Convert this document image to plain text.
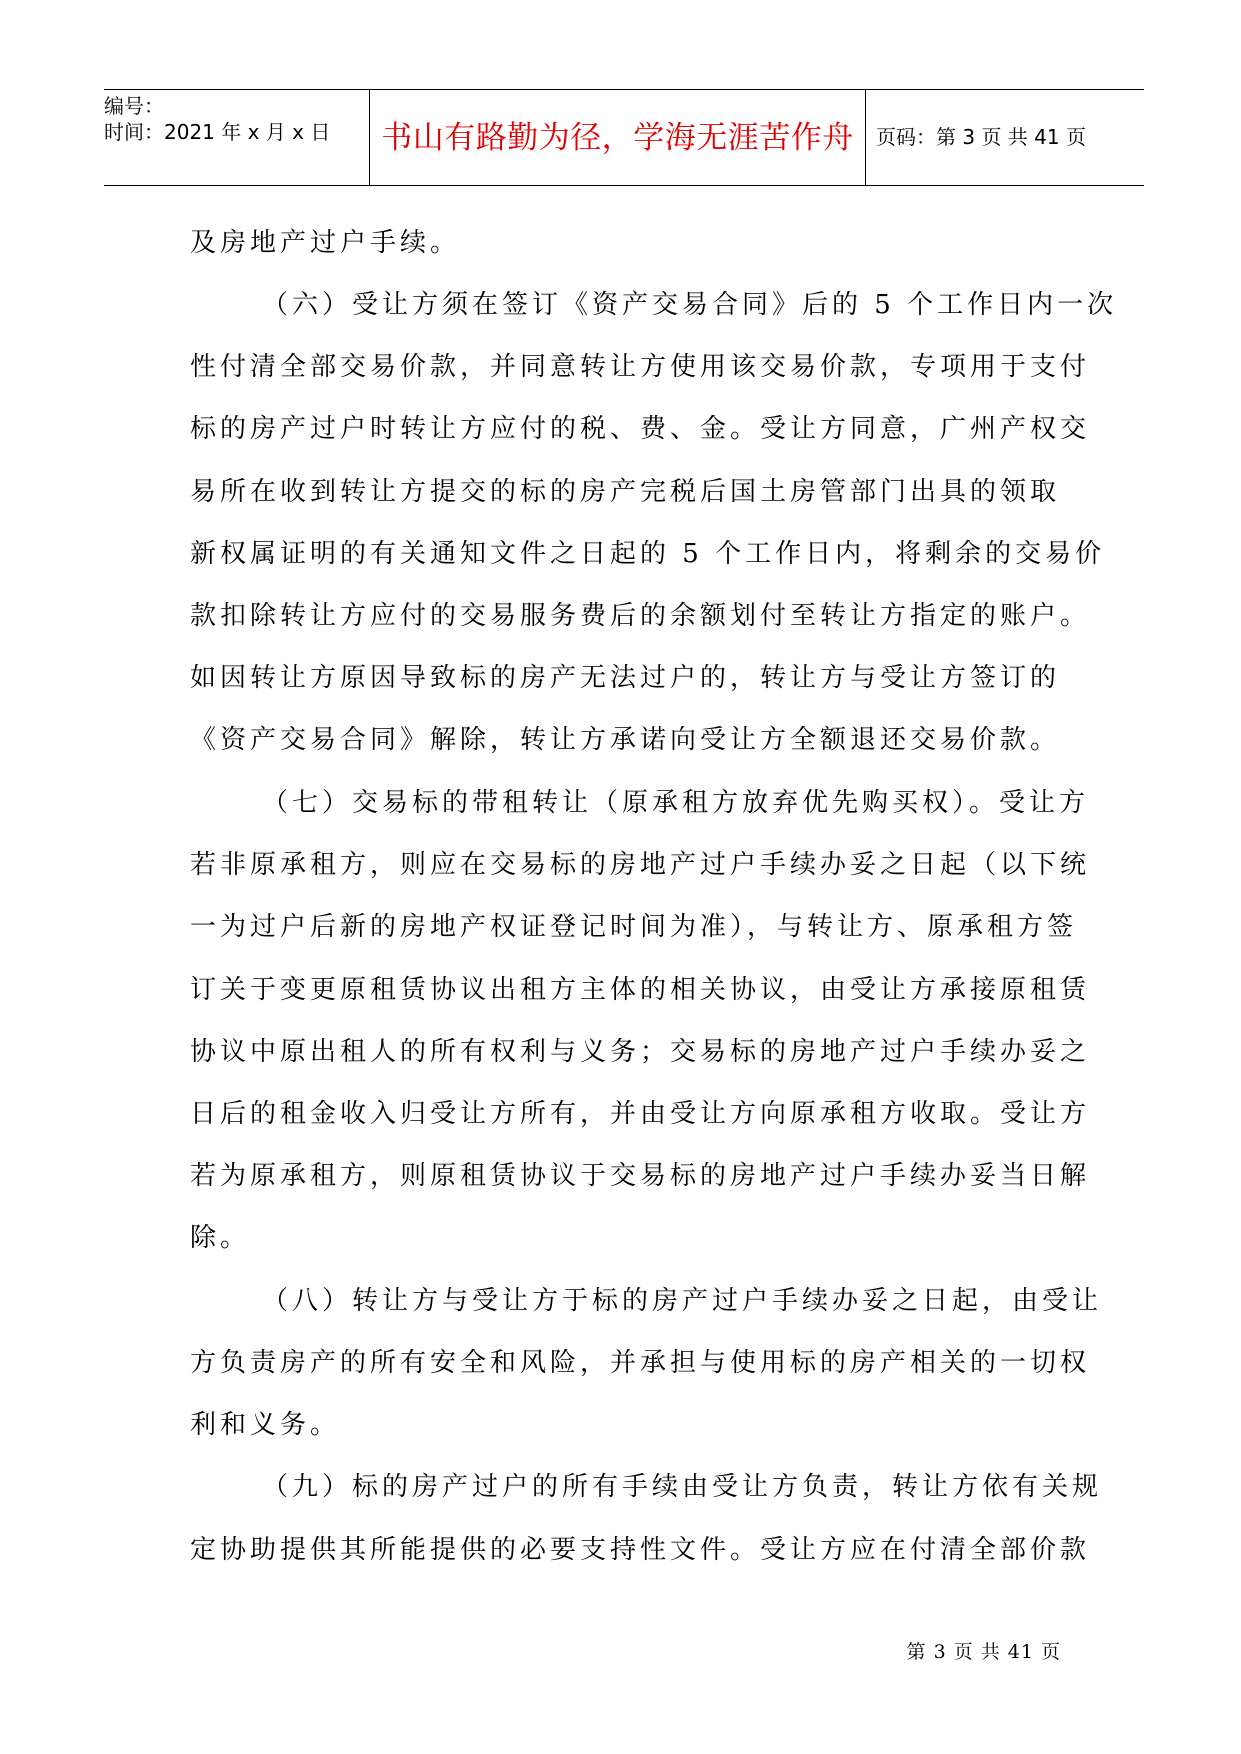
编号：
时间：2021 年 x 月 x 日	书山有路勤为径，学海无涯苦作舟	页码：第 3 页 共 41 页
及房地产过户手续。
（六）受让方须在签订《资产交易合同》后的 5 个工作日内一次
性付清全部交易价款，并同意转让方使用该交易价款，专项用于支付
标的房产过户时转让方应付的税、费、金。受让方同意，广州产权交
易所在收到转让方提交的标的房产完税后国土房管部门出具的领取
新权属证明的有关通知文件之日起的 5 个工作日内，将剩余的交易价
款扣除转让方应付的交易服务费后的余额划付至转让方指定的账户。
如因转让方原因导致标的房产无法过户的，转让方与受让方签订的
《资产交易合同》解除，转让方承诺向受让方全额退还交易价款。
（七）交易标的带租转让（原承租方放弃优先购买权）。受让方
若非原承租方，则应在交易标的房地产过户手续办妥之日起（以下统
一为过户后新的房地产权证登记时间为准），与转让方、原承租方签
订关于变更原租赁协议出租方主体的相关协议，由受让方承接原租赁
协议中原出租人的所有权利与义务；交易标的房地产过户手续办妥之
日后的租金收入归受让方所有，并由受让方向原承租方收取。受让方
若为原承租方，则原租赁协议于交易标的房地产过户手续办妥当日解
除。
（八）转让方与受让方于标的房产过户手续办妥之日起，由受让
方负责房产的所有安全和风险，并承担与使用标的房产相关的一切权
利和义务。
（九）标的房产过户的所有手续由受让方负责，转让方依有关规
定协助提供其所能提供的必要支持性文件。受让方应在付清全部价款
第 3 页 共 41 页
